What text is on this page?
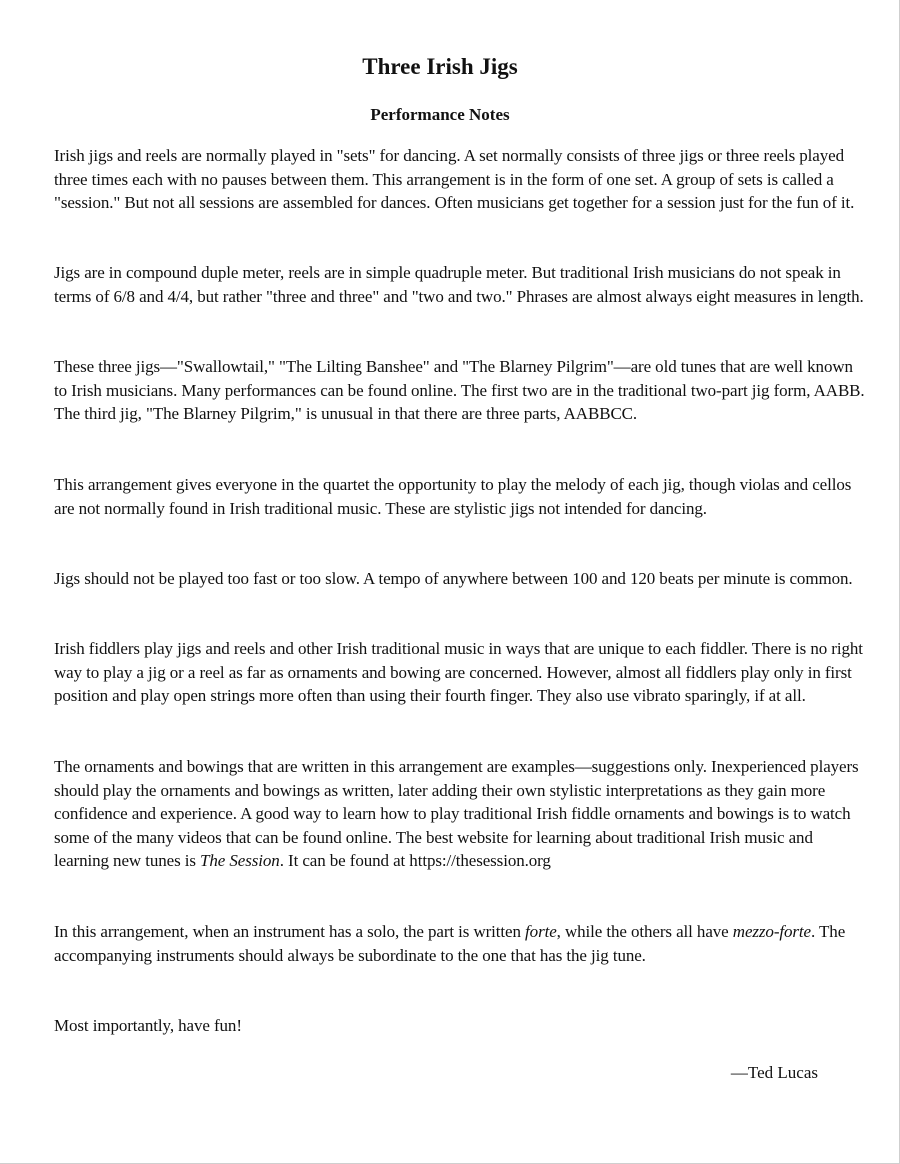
Three Irish Jigs
Performance Notes

Irish jigs and reels are normally played in "sets" for dancing. A set normally consists of three jigs or three reels played three times each with no pauses between them. This arrangement is in the form of one set. A group of sets is called a "session." But not all sessions are assembled for dances. Often musicians get together for a session just for the fun of it.

Jigs are in compound duple meter, reels are in simple quadruple meter. But traditional Irish musicians do not speak in terms of 6/8 and 4/4, but rather "three and three" and "two and two." Phrases are almost always eight measures in length.

These three jigs—"Swallowtail," "The Lilting Banshee" and "The Blarney Pilgrim"—are old tunes that are well known to Irish musicians. Many performances can be found online. The first two are in the traditional two-part jig form, AABB. The third jig, "The Blarney Pilgrim," is unusual in that there are three parts, AABBCC.

This arrangement gives everyone in the quartet the opportunity to play the melody of each jig, though violas and cellos are not normally found in Irish traditional music. These are stylistic jigs not intended for dancing.

Jigs should not be played too fast or too slow. A tempo of anywhere between 100 and 120 beats per minute is common.

Irish fiddlers play jigs and reels and other Irish traditional music in ways that are unique to each fiddler. There is no right way to play a jig or a reel as far as ornaments and bowing are concerned. However, almost all fiddlers play only in first position and play open strings more often than using their fourth finger. They also use vibrato sparingly, if at all.

The ornaments and bowings that are written in this arrangement are examples—suggestions only. Inexperienced players should play the ornaments and bowings as written, later adding their own stylistic interpretations as they gain more confidence and experience. A good way to learn how to play traditional Irish fiddle ornaments and bowings is to watch some of the many videos that can be found online. The best website for learning about traditional Irish music and learning new tunes is The Session. It can be found at https://thesession.org

In this arrangement, when an instrument has a solo, the part is written forte, while the others all have mezzo-forte. The accompanying instruments should always be subordinate to the one that has the jig tune.

Most importantly, have fun!

—Ted Lucas
